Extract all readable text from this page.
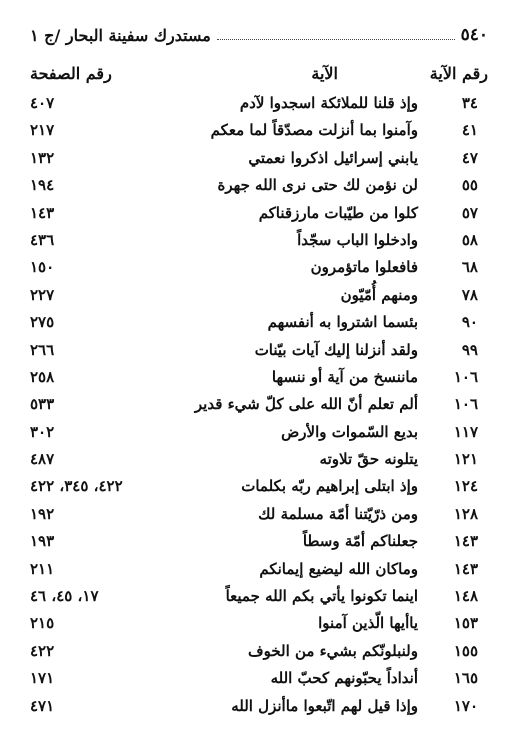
٥٤٠
مستدرك سفينة البحار /ج ١
رقم الآية
الآية
رقم الصفحة
٣٤
وإذ قلنا للملائكة اسجدوا لآدم
٤٠٧
٤١
وآمنوا بما أنزلت مصدّقاً لما معكم
٢١٧
٤٧
يابني إسرائيل اذكروا نعمتي
١٣٢
٥٥
لن نؤمن لك حتى نرى الله جهرة
١٩٤
٥٧
كلوا من طيّبات مارزقناكم
١٤٣
٥٨
وادخلوا الباب سجّداً
٤٣٦
٦٨
فافعلوا ماتؤمرون
١٥٠
٧٨
ومنهم أُمّيّون
٢٢٧
٩٠
بئسما اشتروا به أنفسهم
٢٧٥
٩٩
ولقد أنزلنا إليك آيات بيّنات
٢٦٦
١٠٦
ماننسخ من آية أو ننسها
٢٥٨
١٠٦
ألم تعلم أنّ الله على كلّ شيء قدير
٥٣٣
١١٧
بديع السّموات والأرض
٣٠٢
١٢١
يتلونه حقّ تلاوته
٤٨٧
١٢٤
وإذ ابتلى إبراهيم ربّه بكلمات
٤٢٢، ٣٤٥، ٤٢٢
١٢٨
ومن ذرّيّتنا أمّة مسلمة لك
١٩٢
١٤٣
جعلناكم أمّة وسطاً
١٩٣
١٤٣
وماكان الله ليضيع إيمانكم
٢١١
١٤٨
اينما تكونوا يأتي بكم الله جميعاً
١٧، ٤٥، ٤٦
١٥٣
ياأيها الّذين آمنوا
٢١٥
١٥٥
ولنبلونّكم بشيء من الخوف
٤٢٢
١٦٥
أنداداً يحبّونهم كحبّ الله
١٧١
١٧٠
وإذا قيل لهم اتّبعوا ماأنزل الله
٤٧١
